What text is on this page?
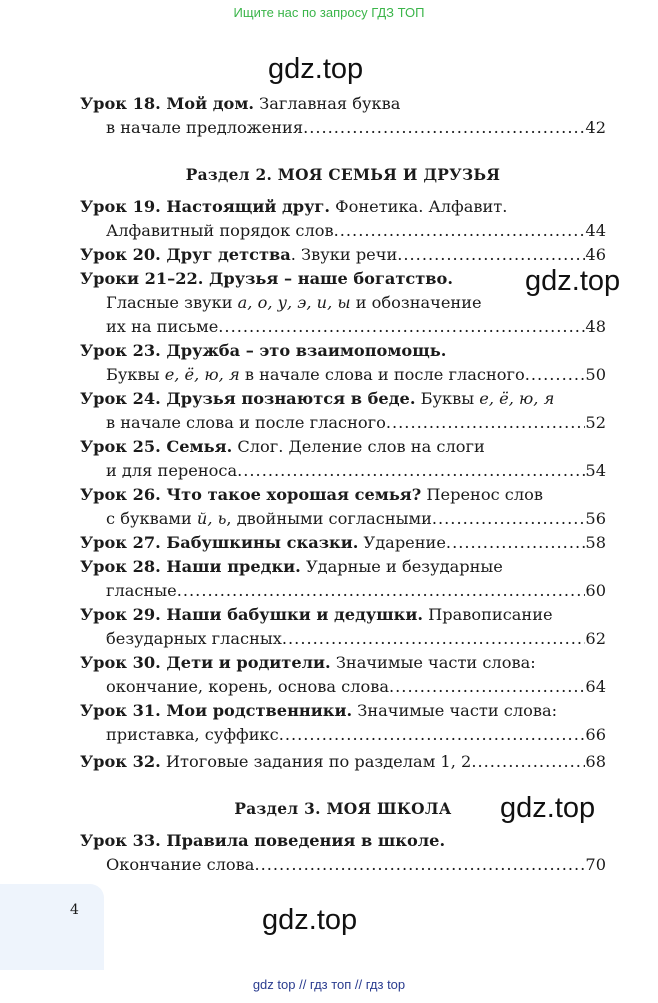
Ищите нас по запросу ГДЗ ТОП
gdz.top
gdz.top
gdz.top
gdz.top
Урок 18. Мой дом. Заглавная буква
в начале предложения .....	42
Раздел 2. МОЯ СЕМЬЯ И ДРУЗЬЯ
Урок 19. Настоящий друг. Фонетика. Алфавит.
Алфавитный порядок слов .....	44
Урок 20. Друг детства. Звуки речи .....	46
Уроки 21–22. Друзья – наше богатство.
Гласные звуки а, о, у, э, и, ы и обозначение
их на письме .....	48
Урок 23. Дружба – это взаимопомощь.
Буквы е, ё, ю, я в начале слова и после гласного .....	50
Урок 24. Друзья познаются в беде. Буквы е, ё, ю, я
в начале слова и после гласного .....	52
Урок 25. Семья. Слог. Деление слов на слоги
и для переноса .....	54
Урок 26. Что такое хорошая семья? Перенос слов
с буквами й, ь, двойными согласными .....	56
Урок 27. Бабушкины сказки. Ударение .....	58
Урок 28. Наши предки. Ударные и безударные
гласные .....	60
Урок 29. Наши бабушки и дедушки. Правописание
безударных гласных .....	62
Урок 30. Дети и родители. Значимые части слова:
окончание, корень, основа слова .....	64
Урок 31. Мои родственники. Значимые части слова:
приставка, суффикс .....	66
Урок 32. Итоговые задания по разделам 1, 2 .....	68
Раздел 3. МОЯ ШКОЛА
Урок 33. Правила поведения в школе.
Окончание слова .....	70
4
gdz top // гдз топ // гдз top
